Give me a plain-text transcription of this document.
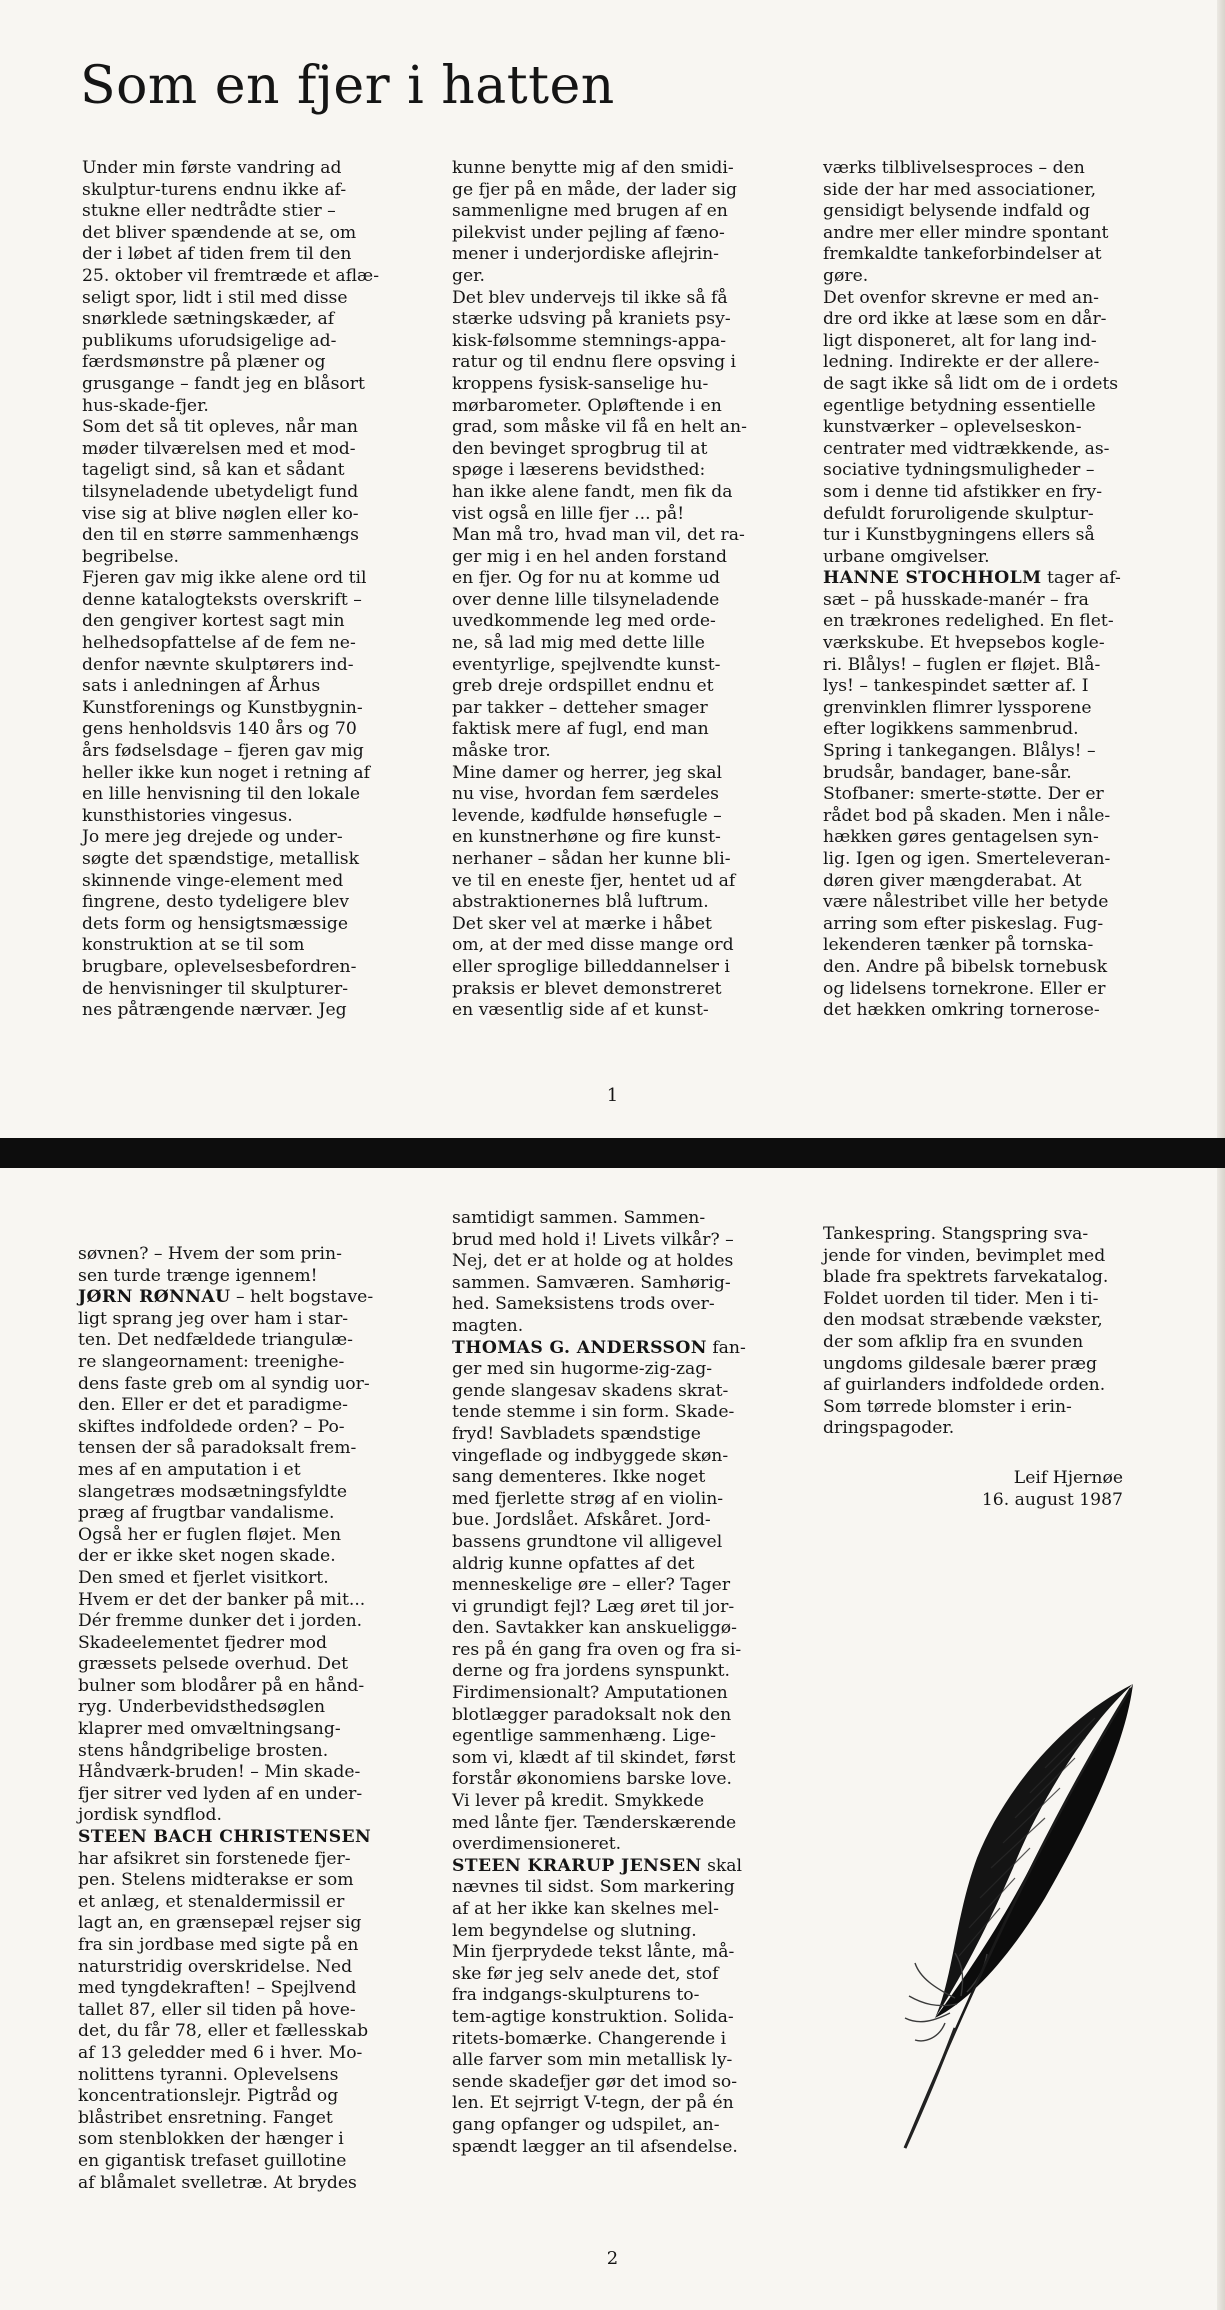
Som en fjer i hatten

Under min første vandring ad
skulptur-turens endnu ikke af-
stukne eller nedtrådte stier –
det bliver spændende at se, om
der i løbet af tiden frem til den
25. oktober vil fremtræde et aflæ-
seligt spor, lidt i stil med disse
snørklede sætningskæder, af
publikums uforudsigelige ad-
færdsmønstre på plæner og
grusgange – fandt jeg en blåsort
hus-skade-fjer.

Som det så tit opleves, når man
møder tilværelsen med et mod-
tageligt sind, så kan et sådant
tilsyneladende ubetydeligt fund
vise sig at blive nøglen eller ko-
den til en større sammenhængs
begribelse.

Fjeren gav mig ikke alene ord til
denne katalogteksts overskrift –
den gengiver kortest sagt min
helhedsopfattelse af de fem ne-
denfor nævnte skulptørers ind-
sats i anledningen af Århus
Kunstforenings og Kunstbygnin-
gens henholdsvis 140 års og 70
års fødselsdage – fjeren gav mig
heller ikke kun noget i retning af
en lille henvisning til den lokale
kunsthistories vingesus.

Jo mere jeg drejede og under-
søgte det spændstige, metallisk
skinnende vinge-element med
fingrene, desto tydeligere blev
dets form og hensigtsmæssige
konstruktion at se til som
brugbare, oplevelsesbefordren-
de henvisninger til skulpturer-
nes påtrængende nærvær. Jeg

kunne benytte mig af den smidi-
ge fjer på en måde, der lader sig
sammenligne med brugen af en
pilekvist under pejling af fæno-
mener i underjordiske aflejrin-
ger.

Det blev undervejs til ikke så få
stærke udsving på kraniets psy-
kisk-følsomme stemnings-appa-
ratur og til endnu flere opsving i
kroppens fysisk-sanselige hu-
mørbarometer. Opløftende i en
grad, som måske vil få en helt an-
den bevinget sprogbrug til at
spøge i læserens bevidsthed:
han ikke alene fandt, men fik da
vist også en lille fjer ... på!

Man må tro, hvad man vil, det ra-
ger mig i en hel anden forstand
en fjer. Og for nu at komme ud
over denne lille tilsyneladende
uvedkommende leg med orde-
ne, så lad mig med dette lille
eventyrlige, spejlvendte kunst-
greb dreje ordspillet endnu et
par takker – detteher smager
faktisk mere af fugl, end man
måske tror.

Mine damer og herrer, jeg skal
nu vise, hvordan fem særdeles
levende, kødfulde hønsefugle –
en kunstnerhøne og fire kunst-
nerhaner – sådan her kunne bli-
ve til en eneste fjer, hentet ud af
abstraktionernes blå luftrum.
Det sker vel at mærke i håbet
om, at der med disse mange ord
eller sproglige billeddannelser i
praksis er blevet demonstreret
en væsentlig side af et kunst-

værks tilblivelsesproces – den
side der har med associationer,
gensidigt belysende indfald og
andre mer eller mindre spontant
fremkaldte tankeforbindelser at
gøre.

Det ovenfor skrevne er med an-
dre ord ikke at læse som en dår-
ligt disponeret, alt for lang ind-
ledning. Indirekte er der allere-
de sagt ikke så lidt om de i ordets
egentlige betydning essentielle
kunstværker – oplevelseskon-
centrater med vidtrækkende, as-
sociative tydningsmuligheder –
som i denne tid afstikker en fry-
defuldt foruroligende skulptur-
tur i Kunstbygningens ellers så
urbane omgivelser.

HANNE STOCHHOLM tager af-
sæt – på husskade-manér – fra
en trækrones redelighed. En flet-
værkskube. Et hvepsebos kogle-
ri. Blålys! – fuglen er fløjet. Blå-
lys! – tankespindet sætter af. I
grenvinklen flimrer lyssporene
efter logikkens sammenbrud.
Spring i tankegangen. Blålys! –
brudsår, bandager, bane-sår.
Stofbaner: smerte-støtte. Der er
rådet bod på skaden. Men i nåle-
hækken gøres gentagelsen syn-
lig. Igen og igen. Smerteleveran-
døren giver mængderabat. At
være nålestribet ville her betyde
arring som efter piskeslag. Fug-
lekenderen tænker på tornska-
den. Andre på bibelsk tornebusk
og lidelsens tornekrone. Eller er
det hækken omkring tornerose-

1

søvnen? – Hvem der som prin-
sen turde trænge igennem!

JØRN RØNNAU – helt bogstave-
ligt sprang jeg over ham i star-
ten. Det nedfældede triangulæ-
re slangeornament: treenighe-
dens faste greb om al syndig uor-
den. Eller er det et paradigme-
skiftes indfoldede orden? – Po-
tensen der så paradoksalt frem-
mes af en amputation i et
slangetræs modsætningsfyldte
præg af frugtbar vandalisme.
Også her er fuglen fløjet. Men
der er ikke sket nogen skade.
Den smed et fjerlet visitkort.
Hvem er det der banker på mit...
Dér fremme dunker det i jorden.
Skadeelementet fjedrer mod
græssets pelsede overhud. Det
bulner som blodårer på en hånd-
ryg. Underbevidsthedsøglen
klaprer med omvæltningsang-
stens håndgribelige brosten.
Håndværk-bruden! – Min skade-
fjer sitrer ved lyden af en under-
jordisk syndflod.

STEEN BACH CHRISTENSEN
har afsikret sin forstenede fjer-
pen. Stelens midterakse er som
et anlæg, et stenaldermissil er
lagt an, en grænsepæl rejser sig
fra sin jordbase med sigte på en
naturstridig overskridelse. Ned
med tyngdekraften! – Spejlvend
tallet 87, eller sil tiden på hove-
det, du får 78, eller et fællesskab
af 13 geledder med 6 i hver. Mo-
nolittens tyranni. Oplevelsens
koncentrationslejr. Pigtråd og
blåstribet ensretning. Fanget
som stenblokken der hænger i
en gigantisk trefaset guillotine
af blåmalet svelletræ. At brydes

samtidigt sammen. Sammen-
brud med hold i! Livets vilkår? –
Nej, det er at holde og at holdes
sammen. Samværen. Samhørig-
hed. Sameksistens trods over-
magten.

THOMAS G. ANDERSSON fan-
ger med sin hugorme-zig-zag-
gende slangesav skadens skrat-
tende stemme i sin form. Skade-
fryd! Savbladets spændstige
vingeflade og indbyggede skøn-
sang dementeres. Ikke noget
med fjerlette strøg af en violin-
bue. Jordslået. Afskåret. Jord-
bassens grundtone vil alligevel
aldrig kunne opfattes af det
menneskelige øre – eller? Tager
vi grundigt fejl? Læg øret til jor-
den. Savtakker kan anskueliggø-
res på én gang fra oven og fra si-
derne og fra jordens synspunkt.
Firdimensionalt? Amputationen
blotlægger paradoksalt nok den
egentlige sammenhæng. Lige-
som vi, klædt af til skindet, først
forstår økonomiens barske love.
Vi lever på kredit. Smykkede
med lånte fjer. Tænderskærende
overdimensioneret.

STEEN KRARUP JENSEN skal
nævnes til sidst. Som markering
af at her ikke kan skelnes mel-
lem begyndelse og slutning.
Min fjerprydede tekst lånte, må-
ske før jeg selv anede det, stof
fra indgangs-skulpturens to-
tem-agtige konstruktion. Solida-
ritets-bomærke. Changerende i
alle farver som min metallisk ly-
sende skadefjer gør det imod so-
len. Et sejrrigt V-tegn, der på én
gang opfanger og udspilet, an-
spændt lægger an til afsendelse.

Tankespring. Stangspring sva-
jende for vinden, bevimplet med
blade fra spektrets farvekatalog.
Foldet uorden til tider. Men i ti-
den modsat stræbende vækster,
der som afklip fra en svunden
ungdoms gildesale bærer præg
af guirlanders indfoldede orden.
Som tørrede blomster i erin-
dringspagoder.

Leif Hjernøe
16. august 1987
2
